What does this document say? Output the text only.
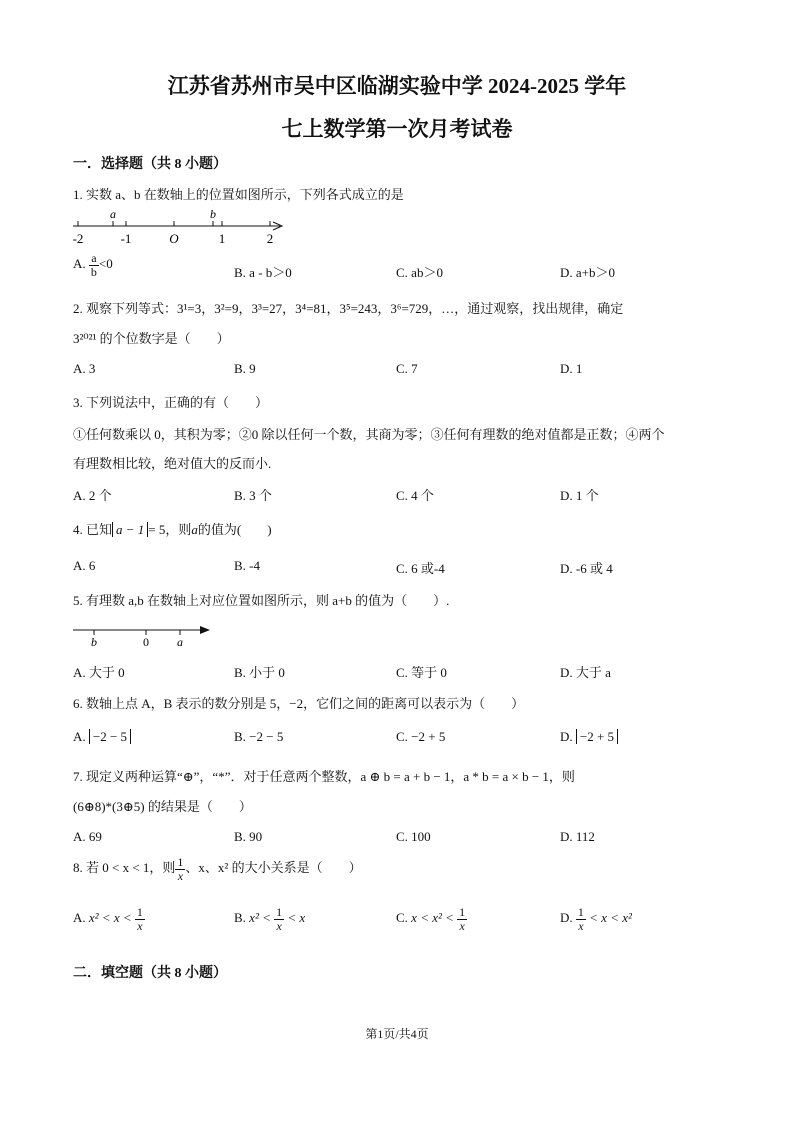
江苏省苏州市吴中区临湖实验中学 2024-2025 学年
七上数学第一次月考试卷
一．选择题（共 8 小题）
1. 实数 a、b 在数轴上的位置如图所示，下列各式成立的是
-2	-1	O	1	2
a	b
A. $\frac{a}{b} <0$
B. a - b＞0	C. ab＞0	D. a+b＞0
2. 观察下列等式：3¹=3，3²=9，3³=27，3⁴=81，3⁵=243，3⁶=729，…，通过观察，找出规律，确定
3²⁰²¹ 的个位数字是（　　）
A. 3	B. 9	C. 7	D. 1
3. 下列说法中，正确的有（　　）
①任何数乘以 0，其积为零；②0 除以任何一个数，其商为零；③任何有理数的绝对值都是正数；④两个
有理数相比较，绝对值大的反而小.
A. 2 个	B. 3 个	C. 4 个	D. 1 个
4. 已知 a − 1 = 5，则a的值为(　　)
A. 6	B. -4	C. 6 或-4	D. -6 或 4
5. 有理数 a,b 在数轴上对应位置如图所示，则 a+b 的值为（　　）.
b	0 a
A. 大于 0	B. 小于 0	C. 等于 0	D. 大于 a
6. 数轴上点 A，B 表示的数分别是 5，−2，它们之间的距离可以表示为（　　）
A. −2 − 5	B. −2 − 5	C. −2 + 5	D. −2 + 5
7. 现定义两种运算“⊕”，“*”．对于任意两个整数，a ⊕ b = a + b − 1，a * b = a × b − 1，则
(6⊕8)*(3⊕5) 的结果是（　　）
A. 69	B. 90	C. 100	D. 112
8. 若 0 < x < 1，则 $\frac{1}{x}$ 、x、x² 的大小关系是（　　）
A. $x^2 < x < \frac{1}{x}$	B. $x^2 < \frac{1}{x} < x$	C. $x < x^2 < \frac{1}{x}$	D. $\frac{1}{x} < x < x^2$
二．填空题（共 8 小题）
第1页/共4页
